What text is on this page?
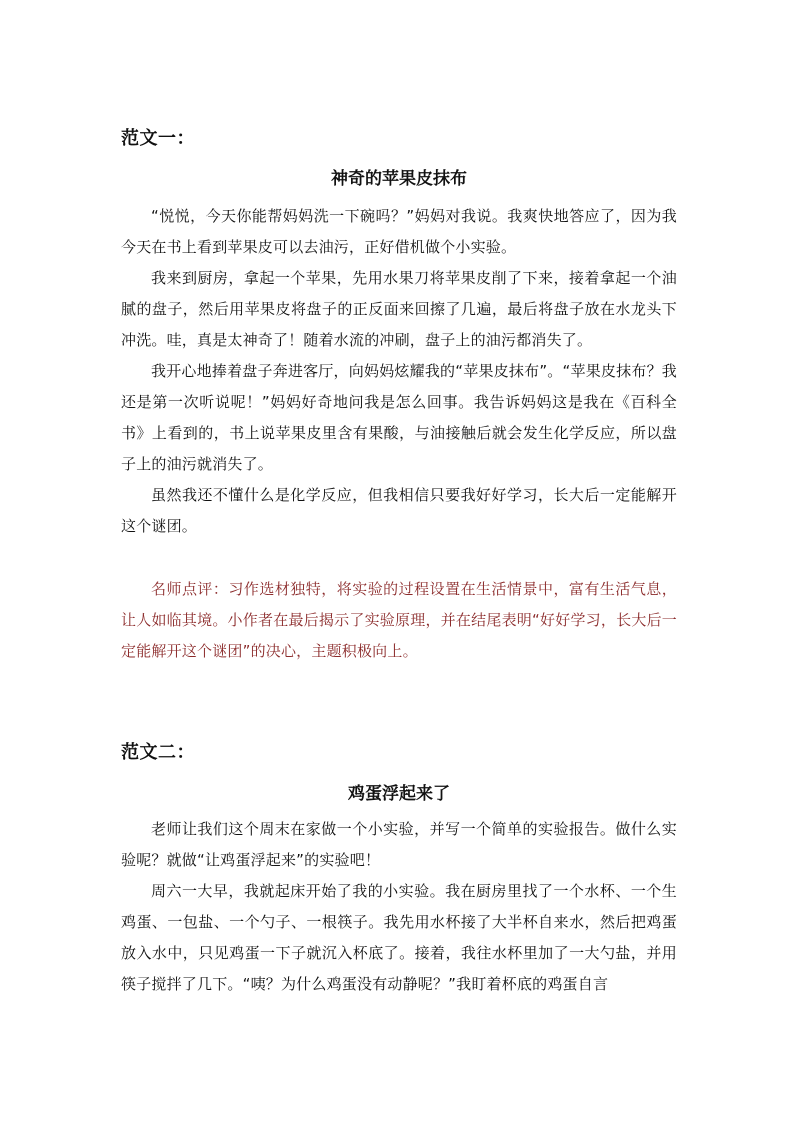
范文一：
神奇的苹果皮抹布

“悦悦，今天你能帮妈妈洗一下碗吗？”妈妈对我说。我爽快地答应了，因为我今天在书上看到苹果皮可以去油污，正好借机做个小实验。

我来到厨房，拿起一个苹果，先用水果刀将苹果皮削了下来，接着拿起一个油腻的盘子，然后用苹果皮将盘子的正反面来回擦了几遍，最后将盘子放在水龙头下冲洗。哇，真是太神奇了！随着水流的冲刷，盘子上的油污都消失了。

我开心地捧着盘子奔进客厅，向妈妈炫耀我的“苹果皮抹布”。“苹果皮抹布？我还是第一次听说呢！”妈妈好奇地问我是怎么回事。我告诉妈妈这是我在《百科全书》上看到的，书上说苹果皮里含有果酸，与油接触后就会发生化学反应，所以盘子上的油污就消失了。

虽然我还不懂什么是化学反应，但我相信只要我好好学习，长大后一定能解开这个谜团。

名师点评：习作选材独特，将实验的过程设置在生活情景中，富有生活气息，让人如临其境。小作者在最后揭示了实验原理，并在结尾表明“好好学习，长大后一定能解开这个谜团”的决心，主题积极向上。

范文二：
鸡蛋浮起来了

老师让我们这个周末在家做一个小实验，并写一个简单的实验报告。做什么实验呢？就做“让鸡蛋浮起来”的实验吧！

周六一大早，我就起床开始了我的小实验。我在厨房里找了一个水杯、一个生鸡蛋、一包盐、一个勺子、一根筷子。我先用水杯接了大半杯自来水，然后把鸡蛋放入水中，只见鸡蛋一下子就沉入杯底了。接着，我往水杯里加了一大勺盐，并用筷子搅拌了几下。“咦？为什么鸡蛋没有动静呢？”我盯着杯底的鸡蛋自言
